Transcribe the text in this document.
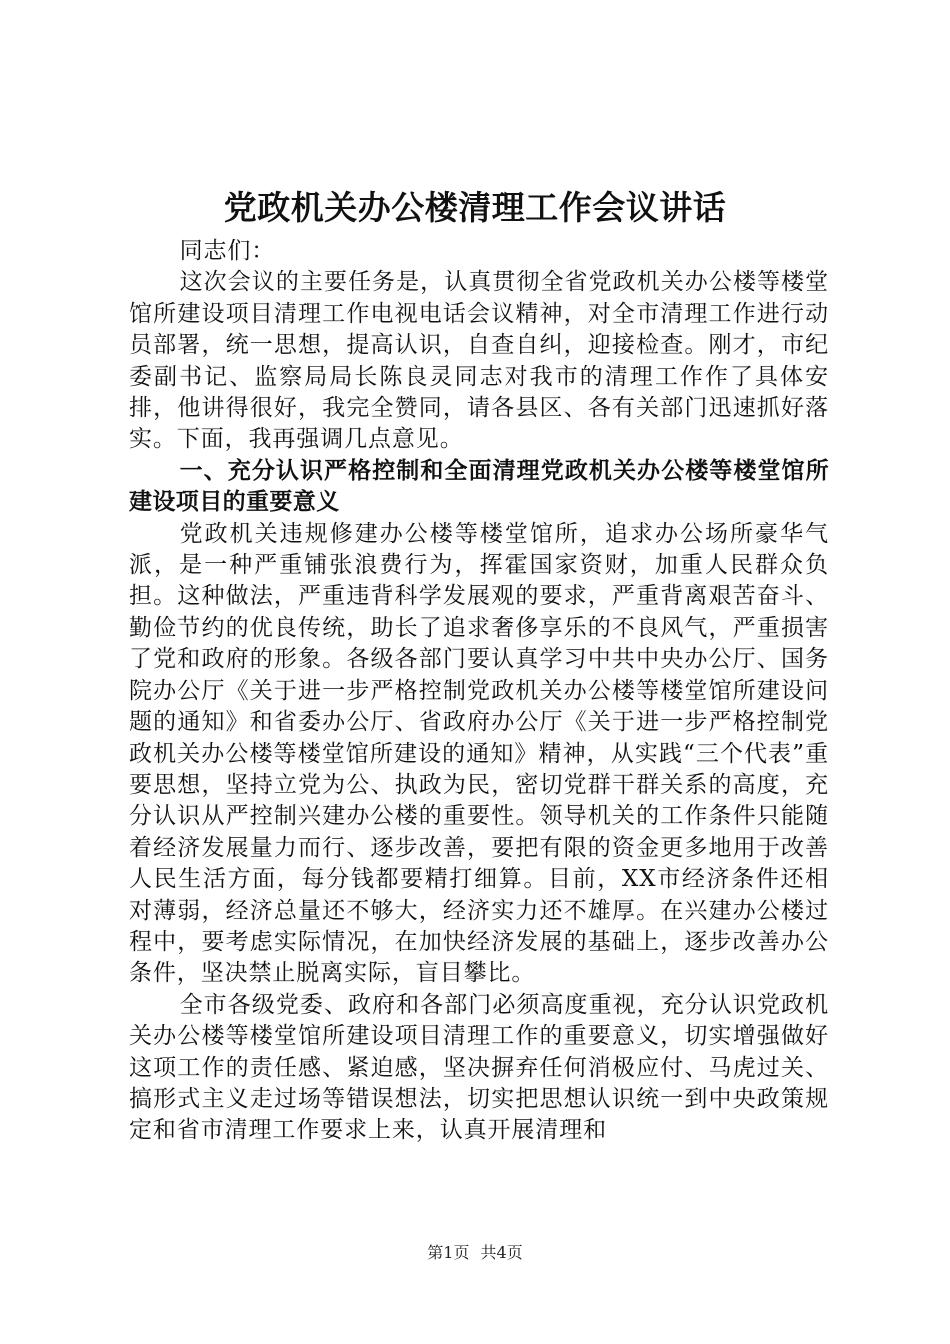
党政机关办公楼清理工作会议讲话

同志们：

这次会议的主要任务是，认真贯彻全省党政机关办公楼等楼堂馆所建设项目清理工作电视电话会议精神，对全市清理工作进行动员部署，统一思想，提高认识，自查自纠，迎接检查。刚才，市纪委副书记、监察局局长陈良灵同志对我市的清理工作作了具体安排，他讲得很好，我完全赞同，请各县区、各有关部门迅速抓好落实。下面，我再强调几点意见。

一、充分认识严格控制和全面清理党政机关办公楼等楼堂馆所建设项目的重要意义

党政机关违规修建办公楼等楼堂馆所，追求办公场所豪华气派，是一种严重铺张浪费行为，挥霍国家资财，加重人民群众负担。这种做法，严重违背科学发展观的要求，严重背离艰苦奋斗、勤俭节约的优良传统，助长了追求奢侈享乐的不良风气，严重损害了党和政府的形象。各级各部门要认真学习中共中央办公厅、国务院办公厅《关于进一步严格控制党政机关办公楼等楼堂馆所建设问题的通知》和省委办公厅、省政府办公厅《关于进一步严格控制党政机关办公楼等楼堂馆所建设的通知》精神，从实践“三个代表”重要思想，坚持立党为公、执政为民，密切党群干群关系的高度，充分认识从严控制兴建办公楼的重要性。领导机关的工作条件只能随着经济发展量力而行、逐步改善，要把有限的资金更多地用于改善人民生活方面，每分钱都要精打细算。目前，XX市经济条件还相对薄弱，经济总量还不够大，经济实力还不雄厚。在兴建办公楼过程中，要考虑实际情况，在加快经济发展的基础上，逐步改善办公条件，坚决禁止脱离实际，盲目攀比。

全市各级党委、政府和各部门必须高度重视，充分认识党政机关办公楼等楼堂馆所建设项目清理工作的重要意义，切实增强做好这项工作的责任感、紧迫感，坚决摒弃任何消极应付、马虎过关、搞形式主义走过场等错误想法，切实把思想认识统一到中央政策规定和省市清理工作要求上来，认真开展清理和

第1页 共4页
